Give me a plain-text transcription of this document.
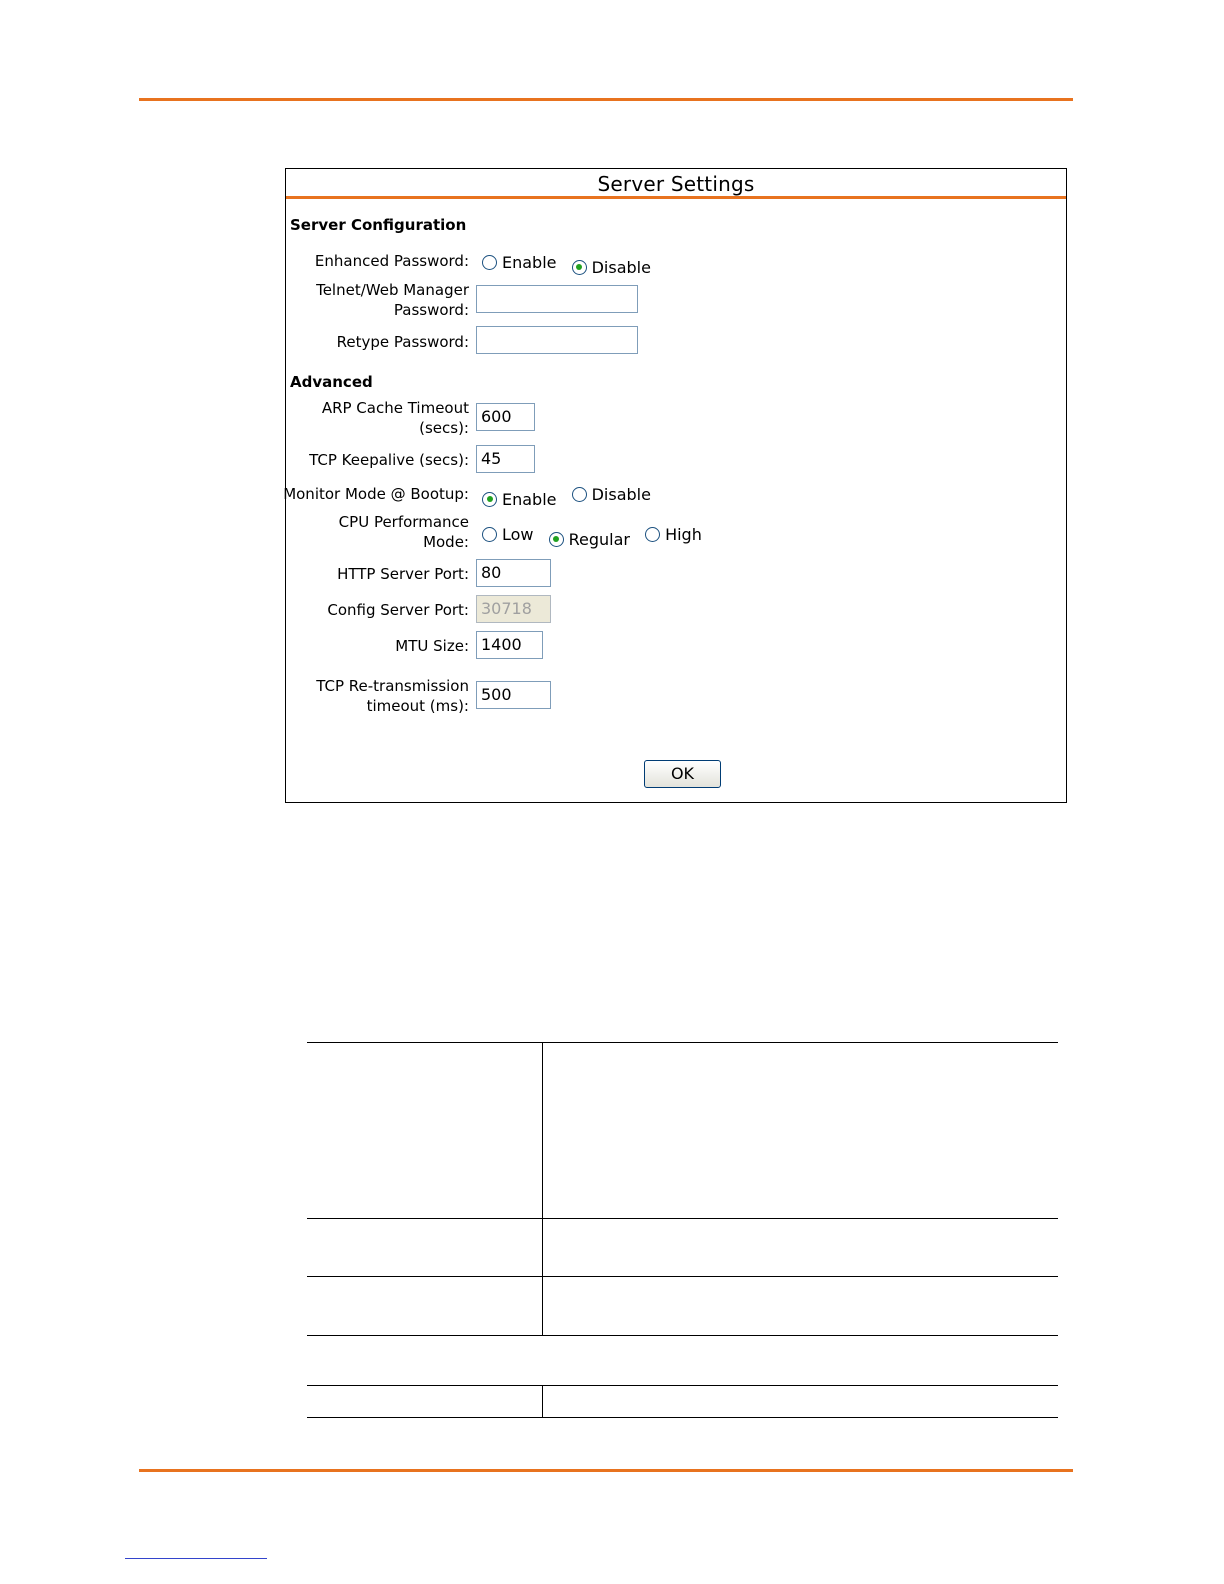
Server Settings
Server Configuration
Enhanced Password: Enable
Disable
Telnet/Web Manager
Password:
Retype Password:
Advanced
ARP Cache Timeout
(secs):
600
TCP Keepalive (secs): 45
Monitor Mode @ Bootup: Enable
Disable
CPU Performance
Mode: Low
Regular
High
HTTP Server Port: 80
Config Server Port: 30718
MTU Size: 1400
TCP Re-transmission
timeout (ms):
500
OK
